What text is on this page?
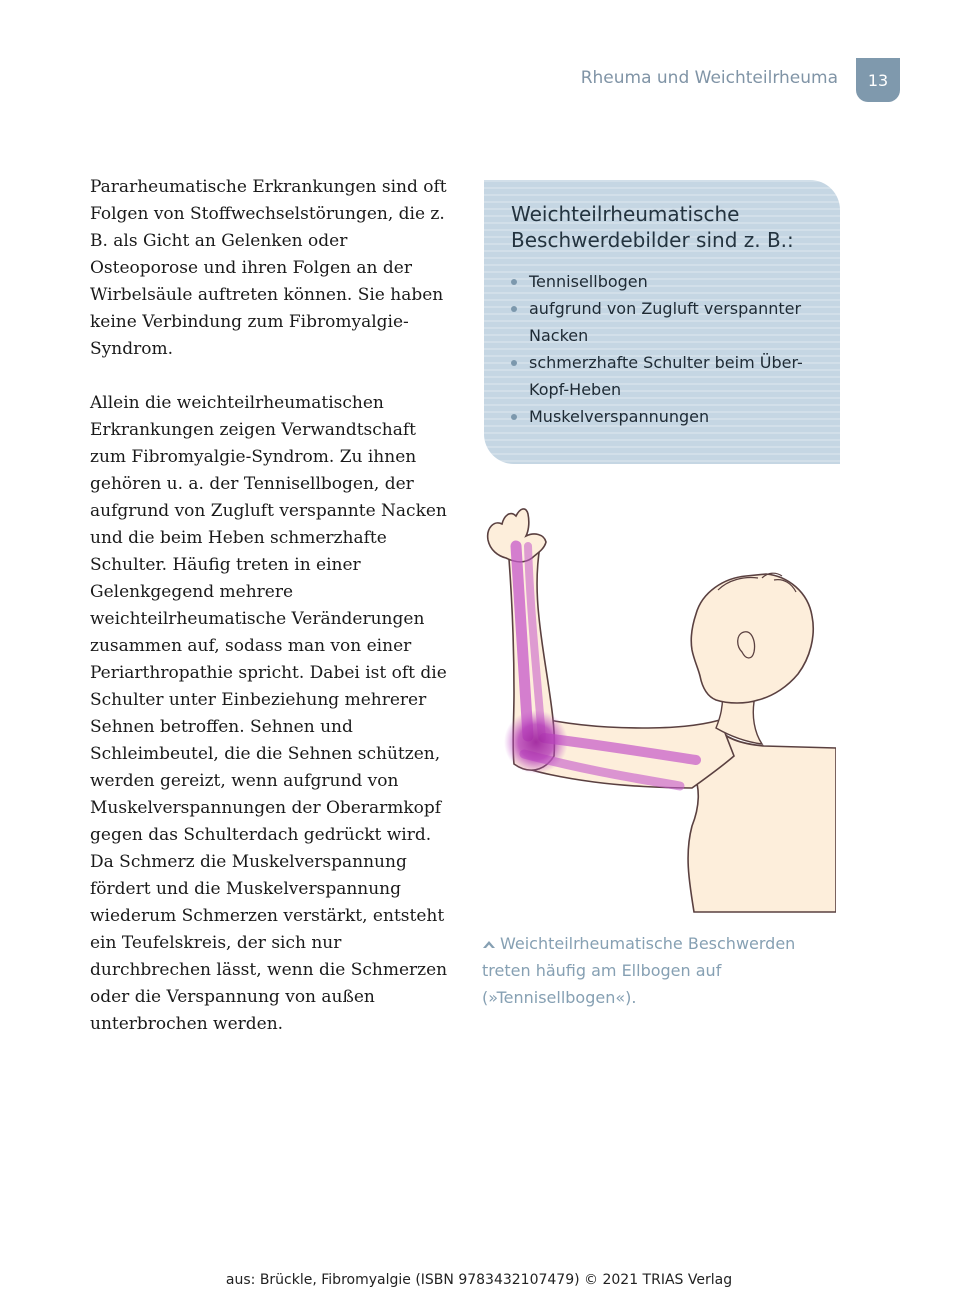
Rheuma und Weichteilrheuma 13

Pararheumatische Erkrankungen sind oft Folgen von Stoffwechselstörungen, die z. B. als Gicht an Gelenken oder Osteoporose und ihren Folgen an der Wirbelsäule auftreten können. Sie haben keine Verbindung zum Fibromyalgie-Syndrom.

Allein die weichteilrheumatischen Erkrankungen zeigen Verwandtschaft zum Fibromyalgie-Syndrom. Zu ihnen gehören u. a. der Tennisellbogen, der aufgrund von Zugluft verspannte Nacken und die beim Heben schmerzhafte Schulter. Häufig treten in einer Gelenkgegend mehrere weichteilrheumatische Veränderungen zusammen auf, sodass man von einer Periarthropathie spricht. Dabei ist oft die Schulter unter Einbeziehung mehrerer Sehnen betroffen. Sehnen und Schleimbeutel, die die Sehnen schützen, werden gereizt, wenn aufgrund von Muskelverspannungen der Oberarmkopf gegen das Schulterdach gedrückt wird. Da Schmerz die Muskelverspannung fördert und die Muskelverspannung wiederum Schmerzen verstärkt, entsteht ein Teufelskreis, der sich nur durchbrechen lässt, wenn die Schmerzen oder die Verspannung von außen unterbrochen werden.

Weichteilrheumatische Beschwerdebilder sind z. B.:
Tennisellbogen
aufgrund von Zugluft verspannter Nacken
schmerzhafte Schulter beim Über-Kopf-Heben
Muskelverspannungen
Weichteilrheumatische Beschwerden treten häufig am Ellbogen auf (»Tennisellbogen«).
aus: Brückle, Fibromyalgie (ISBN 9783432107479) © 2021 TRIAS Verlag
